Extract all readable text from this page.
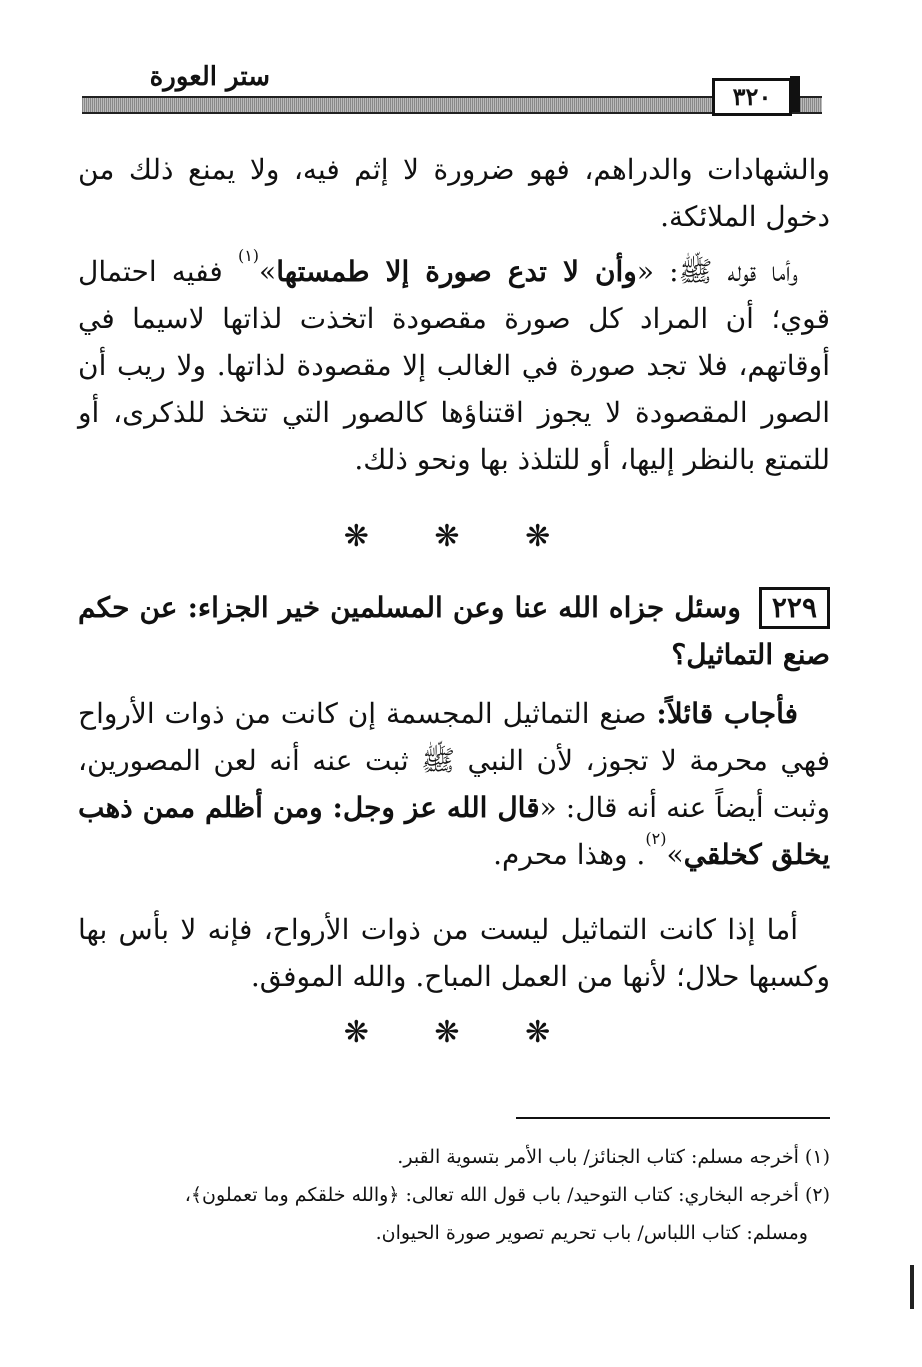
ستر العورة
٣٢٠

والشهادات والدراهم، فهو ضرورة لا إثم فيه، ولا يمنع ذلك من دخول الملائكة.

وأما قوله ﷺ: «وأن لا تدع صورة إلا طمستها»$^{(١)}$ ففيه احتمال قوي؛ أن المراد كل صورة مقصودة اتخذت لذاتها لاسيما في أوقاتهم، فلا تجد صورة في الغالب إلا مقصودة لذاتها. ولا ريب أن الصور المقصودة لا يجوز اقتناؤها كالصور التي تتخذ للذكرى، أو للتمتع بالنظر إليها، أو للتلذذ بها ونحو ذلك.

❋ ❋ ❋

٢٢٩وسئل جزاه الله عنا وعن المسلمين خير الجزاء: عن حكم صنع التماثيل؟

فأجاب قائلاً: صنع التماثيل المجسمة إن كانت من ذوات الأرواح فهي محرمة لا تجوز، لأن النبي ﷺ ثبت عنه أنه لعن المصورين، وثبت أيضاً عنه أنه قال: «قال الله عز وجل: ومن أظلم ممن ذهب يخلق كخلقي»$^{(٢)}$. وهذا محرم.

أما إذا كانت التماثيل ليست من ذوات الأرواح، فإنه لا بأس بها وكسبها حلال؛ لأنها من العمل المباح. والله الموفق.

❋ ❋ ❋

(١) أخرجه مسلم: كتاب الجنائز/ باب الأمر بتسوية القبر.

(٢) أخرجه البخاري: كتاب التوحيد/ باب قول الله تعالى: ﴿والله خلقكم وما تعملون﴾،

ومسلم: كتاب اللباس/ باب تحريم تصوير صورة الحيوان.
